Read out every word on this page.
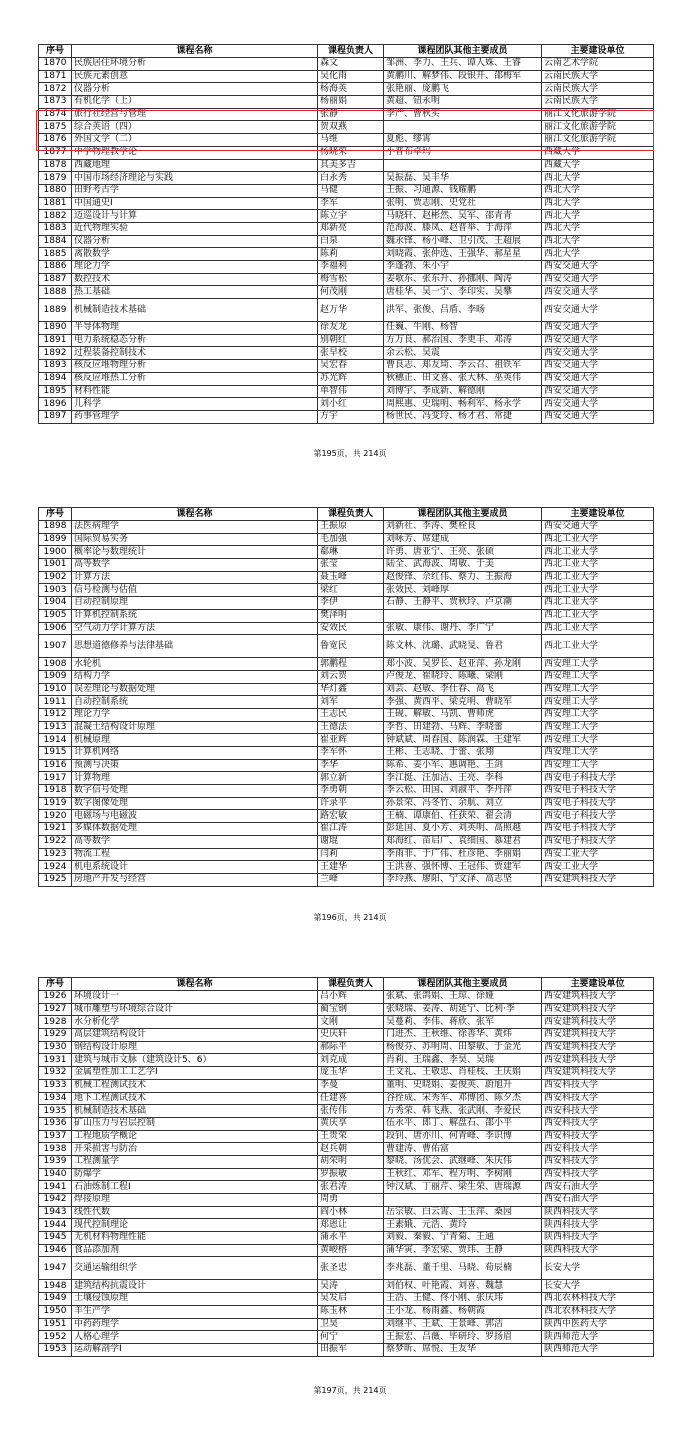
序号	课程名称	课程负责人	课程团队其他主要成员	主要建设单位
1870	民族居住环境分析	森文	邹洲、李力、王兵、谭人姝、王睿	云南艺术学院
1871	民族元素创意	吴化雨	黄鹏川、解梦伟、段银开、邵梅军	云南民族大学
1872	仪器分析	杨海英	张艳丽、庞鹏飞	云南民族大学
1873	有机化学（上）	杨丽娟	黄超、钮永明	云南民族大学
1874	旅行社经营与管理	张静	李严、曹秋实	丽江文化旅游学院
1875	综合英语（四）	贺双燕		丽江文化旅游学院
1876	外国文学（二）	马维	夏彪、缪霄	丽江文化旅游学院
1877	中学物理教学论	杨晓荣	小普布卓玛	西藏大学
1878	西藏地理	其美多吉		西藏大学
1879	中国市场经济理论与实践	白永秀	吴振磊、吴丰华	西北大学
1880	田野考古学	马健	王振、习通源、钱耀鹏	西北大学
1881	中国通史Ⅰ	李军	张明、贾志刚、史党社	西北大学
1882	迈巡设计与计算	陈立宇	马晓轩、赵彬然、吴军、邵青青	西北大学
1883	近代物理实验	郑新亮	范海波、滕凤、赵普举、于海萍	西北大学
1884	仪器分析	白泉	魏永锋、杨小峰、卫引茂、王超展	西北大学
1885	离散数学	陈莉	刘晓霞、张仲选、王强华、郝星星	西北大学
1886	理论力学	李福利	李蓬勃、朱小宇	西安交通大学
1887	数控技术	梅雪松	姜歌东、张东升、孙挪刚、陶涛	西安交通大学
1888	热工基础	何茂刚	唐桂华、吴一宁、李印实、吴攀	西安交通大学
1889	机械制造技术基础	赵万华	洪军、张俊、吕盾、李旸	西安交通大学
1890	半导体物理	徐友龙	任巍、牛刚、杨智	西安交通大学
1891	电力系统稳态分析	别朝红	方万良、郝治国、李更丰、邓涛	西安交通大学
1892	过程装备控制技术	张早校	余云松、吴震	西安交通大学
1893	核反应堆物理分析	吴宏春	曹良志、郑友琦、李云召、祖铁军	西安交通大学
1894	核反应堆热工分析	苏光辉	秋穗正、田文喜、张大林、巫英伟	西安交通大学
1895	材料性能	单智伟	刘博宇、李成新、解德刚	西安交通大学
1896	儿科学	刘小红	周熙惠、史瑞明、畅利军、杨永学	西安交通大学
1897	药事管理学	方宇	杨世民、冯变玲、杨才君、常捷	西安交通大学
第195页，共 214页
序号	课程名称	课程负责人	课程团队其他主要成员	主要建设单位
1898	法医病理学	王振原	刘新社、李涛、樊栓良	西安交通大学
1899	国际贸易实务	毛加强	刘咏芳、席建成	西北工业大学
1900	概率论与数理统计	郗琳	许勇、唐亚宁、王亮、张硕	西北工业大学
1901	高等数学	张莹	陆全、武海波、周敏、于美	西北工业大学
1902	计算方法	聂玉峰	赵俊锋、佘红伟、蔡力、王振海	西北工业大学
1903	信号检测与估值	梁红	张效民、刘峰厚	西北工业大学
1904	自动控制原理	李伊	石静、王静平、贾秋玲、卢京潮	西北工业大学
1905	计算机控制系统	樊泽明		西北工业大学
1906	空气动力学计算方法	安效民	张敏、康伟、谢丹、李广宁	西北工业大学
1907	思想道德修养与法律基础	鲁宽民	陈文林、沈璐、武晓旻、鲁君	西北工业大学
1908	水轮机	郭鹏程	郑小波、吴罗长、赵亚萍、孙龙刚	西安理工大学
1909	结构力学	刘云贺	卢俊龙、崔晓玲、陈曦、梁刚	西安理工大学
1910	误差理论与数据处理	华灯鑫	刘芸、赵敏、李仕春、高飞	西安理工大学
1911	自动控制系统	刘军	李强、黄西平、梁克明、曹晓军	西安理工大学
1912	理论力学	王志民	王砚、解敏、马凯、曹师虎	西安理工大学
1913	混凝土结构设计原理	王德法	李哲、田建勃、马辉、李晓蕾	西安理工大学
1914	机械原理	崔亚辉	钟斌斌、周春国、陈润霖、王建军	西安理工大学
1915	计算机网络	李军怀	王彬、王志晓、于蕾、张翔	西安理工大学
1916	预测与决策	李华	陈希、姜小军、惠调艳、王剑	西安理工大学
1917	计算物理	郭立新	李江挺、汪加洁、王亮、李科	西安电子科技大学
1918	数字信号处理	李勇朝	李云松、田国、刘淑平、李丹萍	西安电子科技大学
1919	数字图像处理	许录平	孙景荣、冯冬竹、余航、刘立	西安电子科技大学
1920	电磁场与电磁波	路宏敏	王楠、谭康伯、任获荣、翟会清	西安电子科技大学
1921	多媒体数据处理	崔江涛	彭延国、夏小芳、刘英明、高照越	西安电子科技大学
1922	高等数学	谢琨	郑海红、苗启广、袁细国、慕建君	西安电子科技大学
1923	物流工程	闫莉	李雨菲、于广伟、杜彦艳、李丽娟	西安工业大学
1924	机电系统设计	王建华	王洪喜、强怀博、王冠伟、贾建军	西安工业大学
1925	房地产开发与经营	兰峰	李玲燕、廖阳、宁文泽、高志坚	西安建筑科技大学
第196页，共 214页
序号	课程名称	课程负责人	课程团队其他主要成员	主要建设单位
1926	环境设计一	吕小辉	张斌、张鸽娟、王琼、徐娅	西安建筑科技大学
1927	城市雕塑与环境综合设计	蔺宝钢	张晓瑞、姜涛、胡延宁、比利·李	西安建筑科技大学
1928	水分析化学	文刚	吴蔓莉、李伟、蒋欣、张军	西安建筑科技大学
1929	高层建筑结构设计	史庆轩	门进杰、王秋维、徐善华、黄炜	西安建筑科技大学
1930	钢结构设计原理	郝际平	杨俊芬、苏明周、田黎敏、于金光	西安建筑科技大学
1931	建筑与城市文脉（建筑设计5、6）	刘克成	肖莉、王瑞鑫、李昊、吴瑞	西安建筑科技大学
1932	金属塑性加工工艺学Ⅰ	庞玉华	王文礼、王敬忠、肖桂枝、王庆娟	西安建筑科技大学
1933	机械工程测试技术	李曼	董明、史晓娟、姜俊英、蔚旭升	西安科技大学
1934	地下工程测试技术	任建喜	谷拴成、宋秀军、邓博团、陈夕杰	西安科技大学
1935	机械制造技术基础	张传伟	方秀荣、韩飞燕、张武刚、李爱民	西安科技大学
1936	矿山压力与岩层控制	黄庆享	伍永平、郎丁、解盘石、邵小平	西安科技大学
1937	工程地质学概论	王贵荣	段钊、唐亦川、何青峰、李识博	西安科技大学
1938	开采损害与防治	赵兵朝	曹建涛、曹佑富	西安科技大学
1939	工程测量学	胡荣明	黎晓、汤优会、武继峰、朱庆伟	西安科技大学
1940	防爆学	罗振敏	王秋红、邓军、程方明、李树刚	西安科技大学
1941	石油炼制工程Ⅰ	张君涛	钟汉斌、丁丽芹、梁生荣、唐瑞源	西安石油大学
1942	焊接原理	周勇		西安石油大学
1943	线性代数	阎小林	岳宗敏、白云霄、王玉萍、桑园	陕西科技大学
1944	现代控制理论	郑恩让	王素娥、元浩、黄玲	陕西科技大学
1945	无机材料物理性能	蒲永平	刘毅、秦毅、宁青菊、王通	陕西科技大学
1946	食品添加剂	黄峻榕	蒲华寅、李宏梁、贾玮、王静	陕西科技大学
1947	交通运输组织学	张圣忠	李兆磊、董千里、马晓、荀辰楠	长安大学
1948	建筑结构抗震设计	吴涛	刘伯权、叶艳霞、刘喜、魏慧	长安大学
1949	土壤侵蚀原理	吴发启	王浩、王健、佟小刚、张庆玮	西北农林科技大学
1950	羊生产学	陈玉林	王小龙、杨雨鑫、杨朝霞	西北农林科技大学
1951	中药药理学	卫昊	刘继平、王斌、王景峰、郭洁	陕西中医药大学
1952	人格心理学	何宁	王振宏、吕薇、毕研玲、罗扬眉	陕西师范大学
1953	运动解剖学Ⅰ	田振军	蔡梦昕、席悦、王友华	陕西师范大学
第197页，共 214页
